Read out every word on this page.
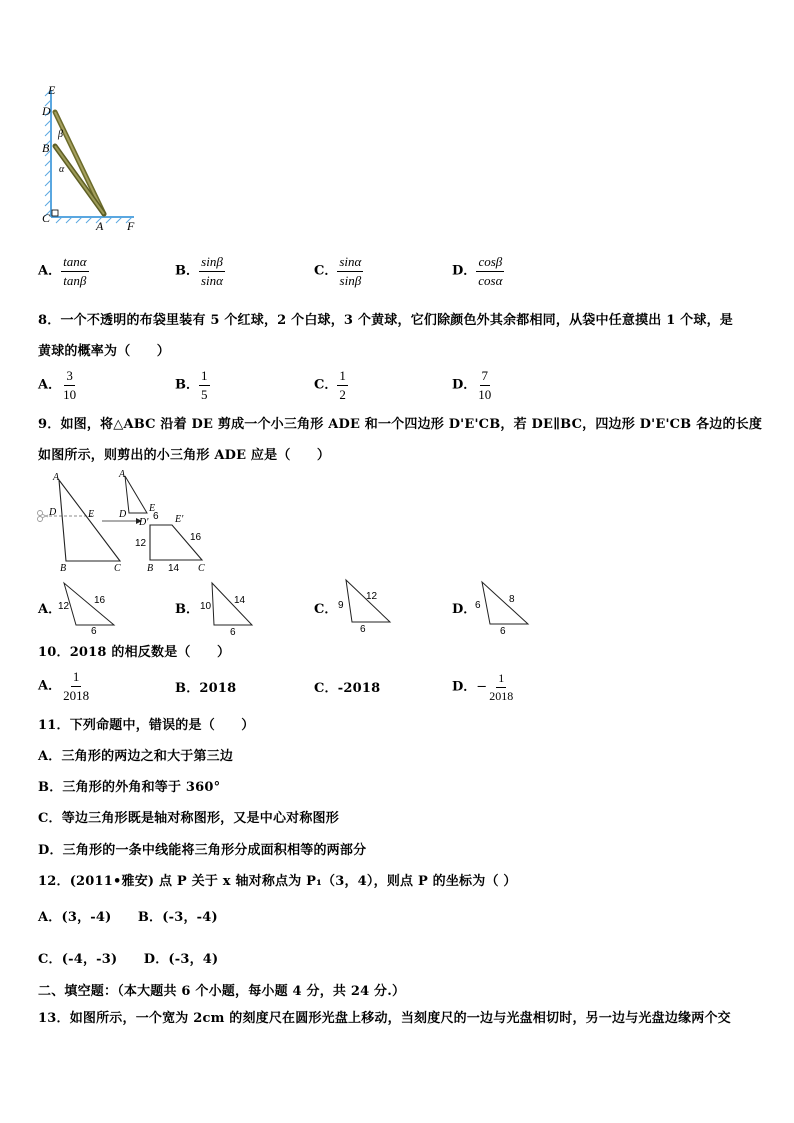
E
D
B
C
A F
β
α
A． $\frac{\tan\alpha}{\tan\beta}$	B． $\frac{\sin\beta}{\sin\alpha}$	C． $\frac{\sin\alpha}{\sin\beta}$	D． $\frac{\cos\beta}{\cos\alpha}$
8．一个不透明的布袋里装有 5 个红球，2 个白球，3 个黄球，它们除颜色外其余都相同，从袋中任意摸出 1 个球，是
黄球的概率为（　　）
A． $\frac{3}{10}$	B． $\frac{1}{5}$	C． $\frac{1}{2}$	D． $\frac{7}{10}$
9．如图，将△ABC 沿着 DE 剪成一个小三角形 ADE 和一个四边形 D'E'CB，若 DE∥BC，四边形 D'E'CB 各边的长度
如图所示，则剪出的小三角形 ADE 应是（　　）
A
D	E
B	C
A
D
E
6
D'	E'
12
16
B 14 C
A．
12
16
6
B． 10
14
6
C． 9
12
6
D．
6
8
6
10．2018 的相反数是（　　）
A． $\frac{1}{2018}$	B．2018	C．-2018	D．− $\frac{1}{2018}$
11．下列命题中，错误的是（　　）
A．三角形的两边之和大于第三边
B．三角形的外角和等于 360°
C．等边三角形既是轴对称图形，又是中心对称图形
D．三角形的一条中线能将三角形分成面积相等的两部分
12．(2011•雅安) 点 P 关于 x 轴对称点为 P₁（3，4），则点 P 的坐标为（ ）
A．(3，-4)　　B．(-3，-4)
C．(-4，-3)　　D．(-3，4)
二、填空题：（本大题共 6 个小题，每小题 4 分，共 24 分.）
13．如图所示，一个宽为 2cm 的刻度尺在圆形光盘上移动，当刻度尺的一边与光盘相切时，另一边与光盘边缘两个交
